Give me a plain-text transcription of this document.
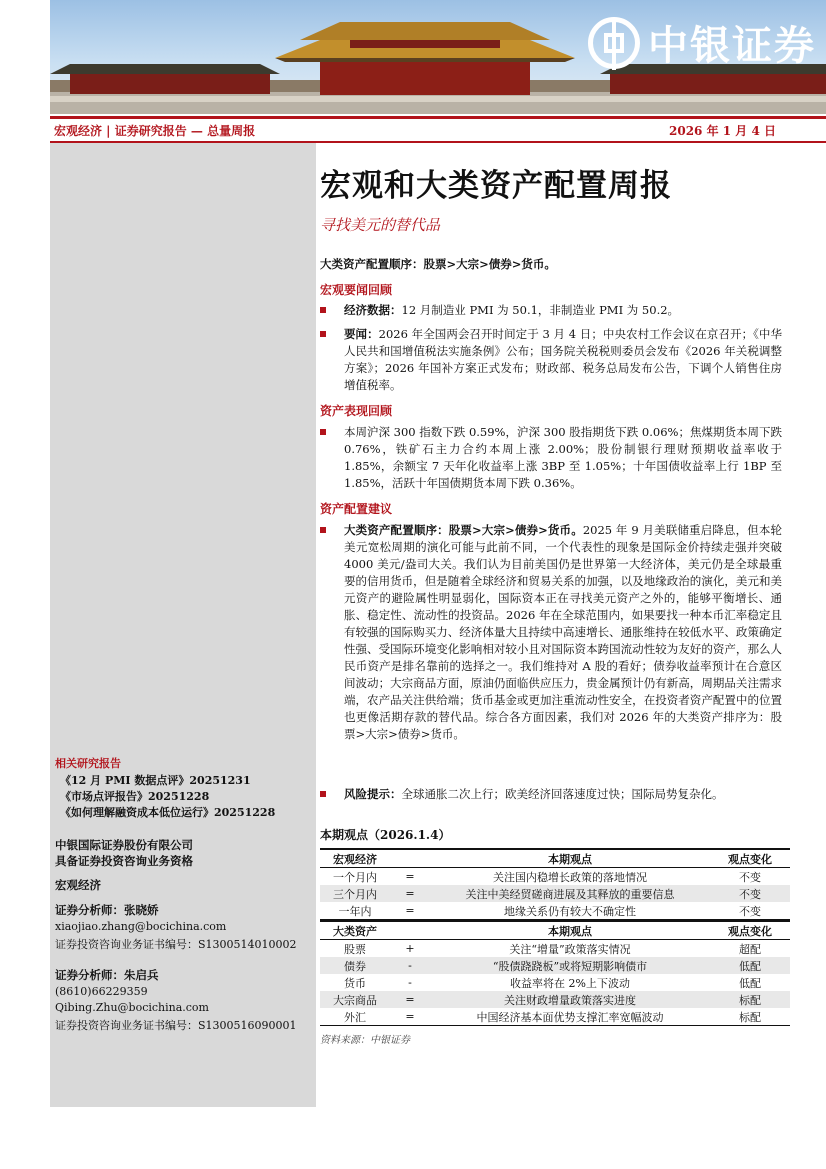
中银证券
宏观经济 | 证券研究报告 — 总量周报	2026 年 1 月 4 日
相关研究报告
《12 月 PMI 数据点评》20251231
《市场点评报告》20251228
《如何理解融资成本低位运行》20251228
中银国际证券股份有限公司
具备证券投资咨询业务资格
宏观经济
证券分析师：张晓娇
xiaojiao.zhang@bocichina.com
证券投资咨询业务证书编号：S1300514010002
证券分析师：朱启兵
(8610)66229359
Qibing.Zhu@bocichina.com
证券投资咨询业务证书编号：S1300516090001
宏观和大类资产配置周报
寻找美元的替代品
大类资产配置顺序：股票>大宗>债券>货币。
宏观要闻回顾
经济数据：12 月制造业 PMI 为 50.1，非制造业 PMI 为 50.2。
要闻：2026 年全国两会召开时间定于 3 月 4 日；中央农村工作会议在京召开；《中华人民共和国增值税法实施条例》公布；国务院关税税则委员会发布《2026 年关税调整方案》；2026 年国补方案正式发布；财政部、税务总局发布公告，下调个人销售住房增值税率。
资产表现回顾
本周沪深 300 指数下跌 0.59%，沪深 300 股指期货下跌 0.06%；焦煤期货本周下跌 0.76%，铁矿石主力合约本周上涨 2.00%；股份制银行理财预期收益率收于 1.85%，余额宝 7 天年化收益率上涨 3BP 至 1.05%；十年国债收益率上行 1BP 至 1.85%，活跃十年国债期货本周下跌 0.36%。
资产配置建议
大类资产配置顺序：股票>大宗>债券>货币。2025 年 9 月美联储重启降息，但本轮美元宽松周期的演化可能与此前不同，一个代表性的现象是国际金价持续走强并突破 4000 美元/盎司大关。我们认为目前美国仍是世界第一大经济体，美元仍是全球最重要的信用货币，但是随着全球经济和贸易关系的加强，以及地缘政治的演化，美元和美元资产的避险属性明显弱化，国际资本正在寻找美元资产之外的，能够平衡增长、通胀、稳定性、流动性的投资品。2026 年在全球范围内，如果要找一种本币汇率稳定且有较强的国际购买力、经济体量大且持续中高速增长、通胀维持在较低水平、政策确定性强、受国际环境变化影响相对较小且对国际资本跨国流动性较为友好的资产，那么人民币资产是排名靠前的选择之一。我们维持对 A 股的看好；债券收益率预计在合意区间波动；大宗商品方面，原油仍面临供应压力，贵金属预计仍有新高，周期品关注需求端，农产品关注供给端；货币基金或更加注重流动性安全，在投资者资产配置中的位置也更像活期存款的替代品。综合各方面因素，我们对 2026 年的大类资产排序为：股票>大宗>债券>货币。
风险提示：全球通胀二次上行；欧美经济回落速度过快；国际局势复杂化。
本期观点（2026.1.4）
宏观经济		本期观点	观点变化
一个月内	=	关注国内稳增长政策的落地情况	不变
三个月内	=	关注中美经贸磋商进展及其释放的重要信息	不变
一年内	=	地缘关系仍有较大不确定性	不变
大类资产		本期观点	观点变化
股票	+	关注“增量”政策落实情况	超配
债券	-	“股债跷跷板”或将短期影响债市	低配
货币	-	收益率将在 2%上下波动	低配
大宗商品	=	关注财政增量政策落实进度	标配
外汇	=	中国经济基本面优势支撑汇率宽幅波动	标配
资料来源：中银证券
